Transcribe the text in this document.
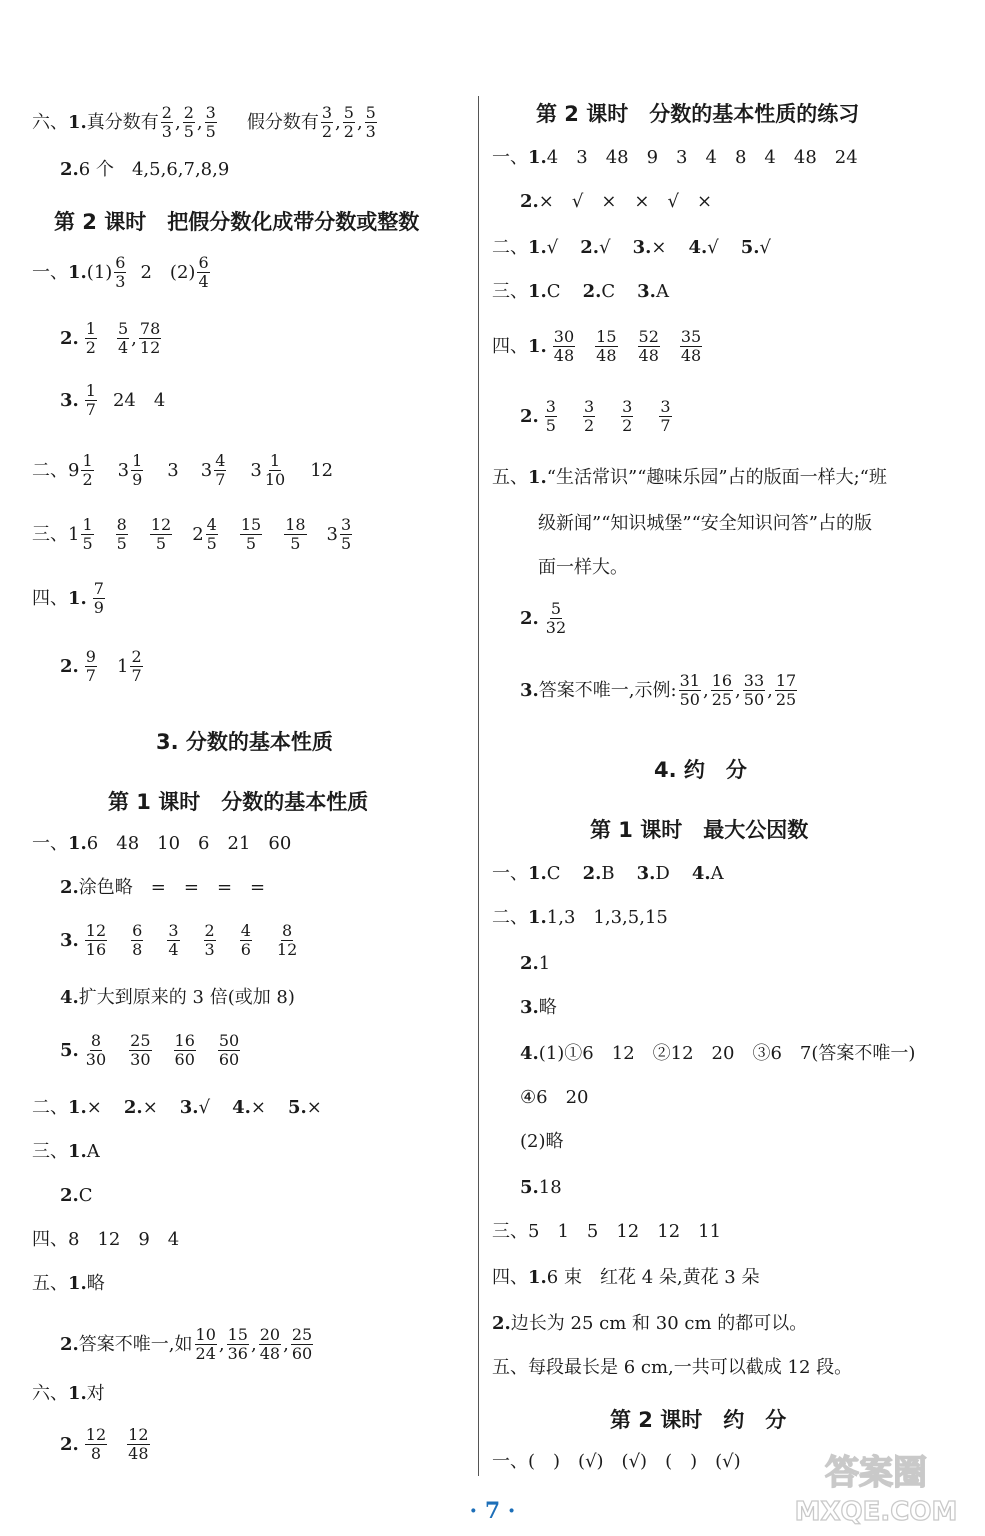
六、 1. 真分数有 $\frac{2}{3}$ , $\frac{2}{5}$ , $\frac{3}{5}$ 假分数有 $\frac{3}{2}$ , $\frac{5}{2}$ , $\frac{5}{3}$
2. 6 个　4,5,6,7,8,9
第 2 课时　把假分数化成带分数或整数
一、 1. $(1) \frac{6}{3} 2$　$(2) \frac{6}{4}$
2. $\frac{1}{2} \frac{5}{4}$ , $\frac{78}{12}$
3. $\frac{1}{7} 24$　4
二、 $9 \frac{1}{2} 3 \frac{1}{9} 3$ $3 \frac{4}{7} 3 \frac{1}{10} 12$
三、 $1 \frac{1}{5} \frac{8}{5} \frac{12}{5} 2 \frac{4}{5} \frac{15}{5} \frac{18}{5} 3 \frac{3}{5}$
四、 1. $\frac{7}{9}$
2. $\frac{9}{7} 1 \frac{2}{7}$
3. 分数的基本性质
第 1 课时　分数的基本性质
一、 1. 6　48　10　6　21　60
2. 涂色略　=　=　=　=
3. $\frac{12}{16} \frac{6}{8} \frac{3}{4} \frac{2}{3} \frac{4}{6} \frac{8}{12}$
4. 扩大到原来的 3 倍(或加 8)
5. $\frac{8}{30} \frac{25}{30} \frac{16}{60} \frac{50}{60}$
二、 1. × 2. × 3. √ 4. × 5. ×
三、 1. A
2. C
四、 8　12　9　4
五、 1. 略
2. 答案不唯一,如 $\frac{10}{24}$ , $\frac{15}{36}$ , $\frac{20}{48}$ , $\frac{25}{60}$
六、 1. 对
2. $\frac{12}{8} \frac{12}{48}$
第 2 课时　分数的基本性质的练习
一、 1. 4　3　48　9　3　4　8　4　48　24
2. ×　√　×　×　√　×
二、 1. √ 2. √ 3. × 4. √ 5. √
三、 1. C 2. C 3. A
四、 1. $\frac{30}{48} \frac{15}{48} \frac{52}{48} \frac{35}{48}$
2. $\frac{3}{5} \frac{3}{2} \frac{3}{2} \frac{3}{7}$
五、 1. “生活常识”“趣味乐园”占的版面一样大;“班
级新闻”“知识城堡”“安全知识问答”占的版
面一样大。
2. $\frac{5}{32}$
3. 答案不唯一,示例: $\frac{31}{50}$ , $\frac{16}{25}$ , $\frac{33}{50}$ , $\frac{17}{25}$
4. 约　分
第 1 课时　最大公因数
一、 1. C 2. B 3. D 4. A
二、 1. 1,3　1,3,5,15
2. 1
3. 略
4. (1)①6　12　②12　20　③6　7(答案不唯一)
④6　20
(2)略
5. 18
三、 5　1　5　12　12　11
四、 1. 6 束　红花 4 朵,黄花 3 朵
2. 边长为 25 cm 和 30 cm 的都可以。
五、 每段最长是 6 cm,一共可以截成 12 段。
第 2 课时　约　分
一、 (　)　(√)　(√)　(　)　(√)
· 7 ·
答案圈
MXQE.COM
